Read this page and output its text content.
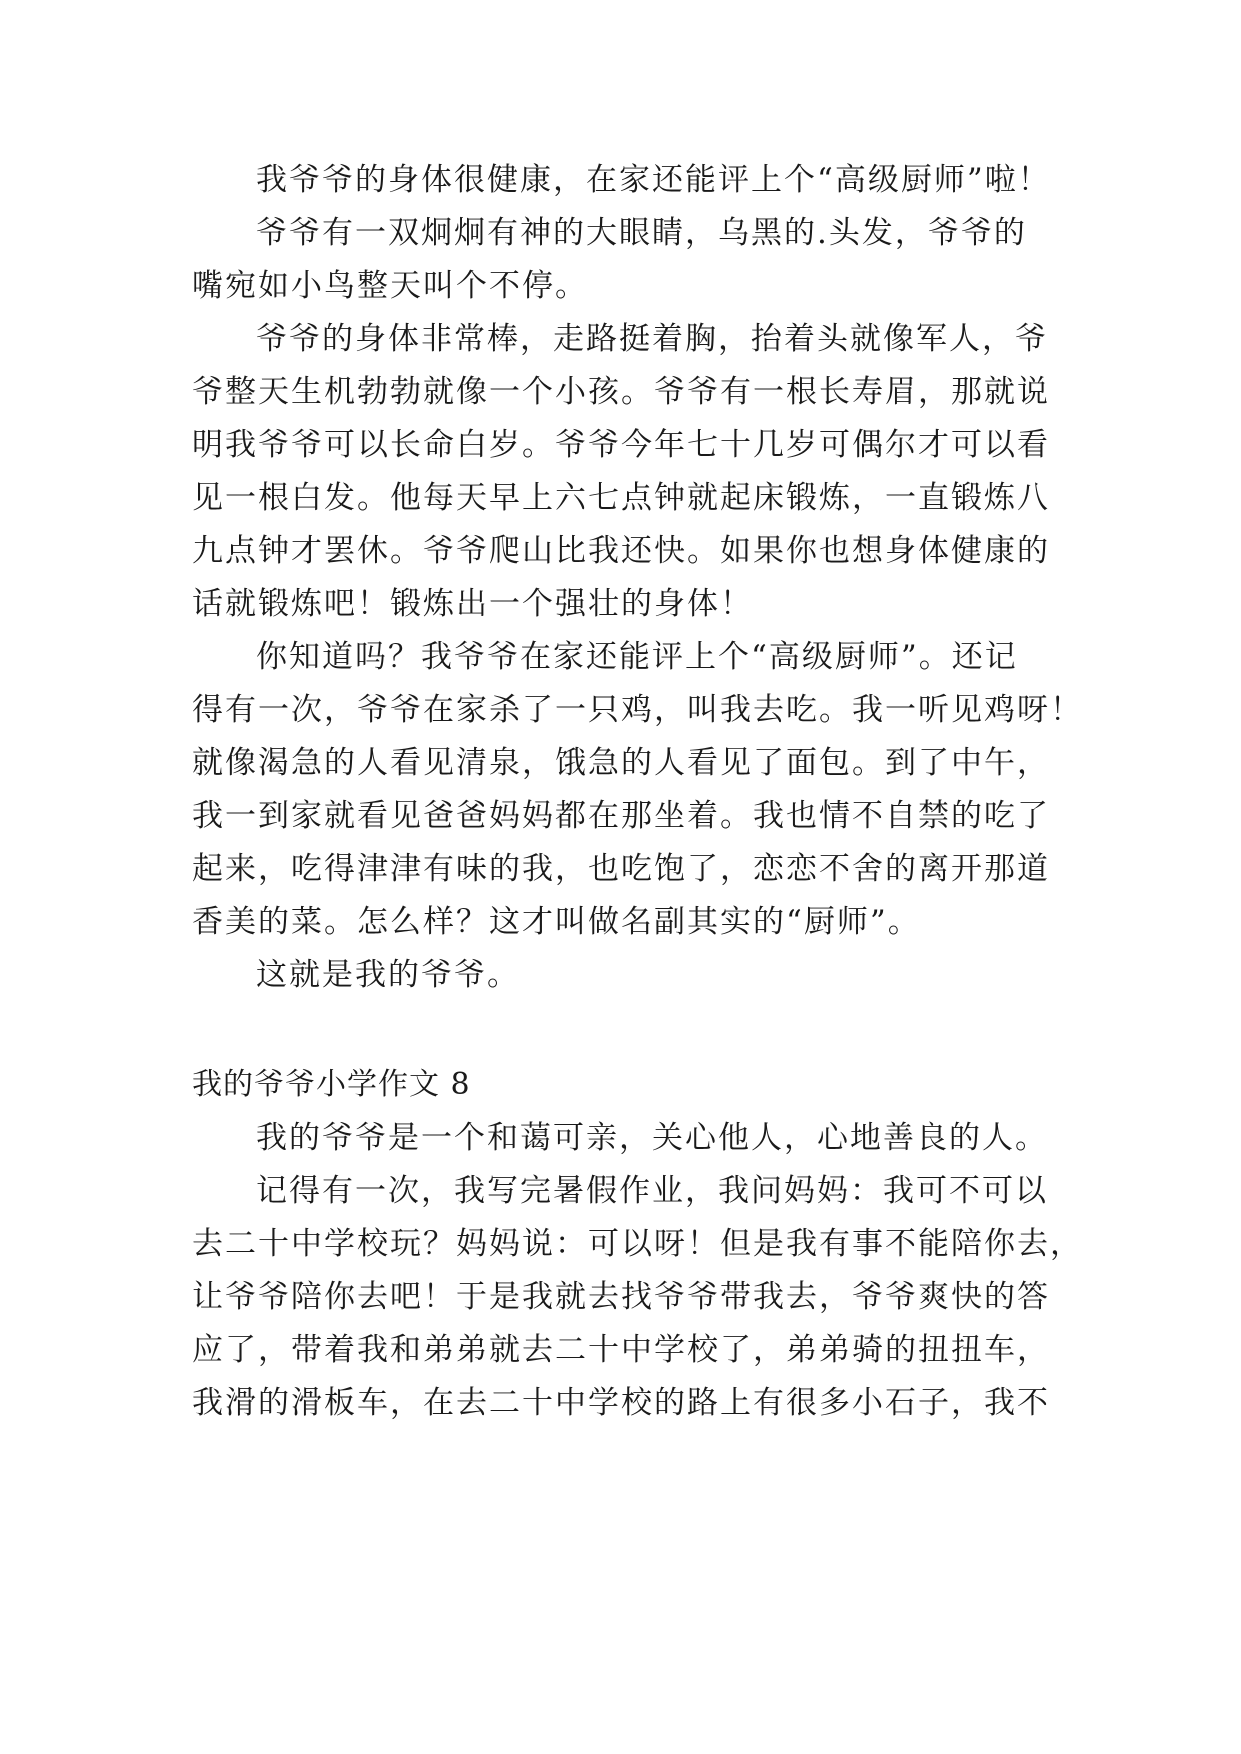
我爷爷的身体很健康，在家还能评上个“高级厨师”啦！
爷爷有一双炯炯有神的大眼睛，乌黑的.头发，爷爷的
嘴宛如小鸟整天叫个不停。
爷爷的身体非常棒，走路挺着胸，抬着头就像军人，爷
爷整天生机勃勃就像一个小孩。爷爷有一根长寿眉，那就说
明我爷爷可以长命白岁。爷爷今年七十几岁可偶尔才可以看
见一根白发。他每天早上六七点钟就起床锻炼，一直锻炼八
九点钟才罢休。爷爷爬山比我还快。如果你也想身体健康的
话就锻炼吧！锻炼出一个强壮的身体！
你知道吗？我爷爷在家还能评上个“高级厨师”。还记
得有一次，爷爷在家杀了一只鸡，叫我去吃。我一听见鸡呀！
就像渴急的人看见清泉，饿急的人看见了面包。到了中午，
我一到家就看见爸爸妈妈都在那坐着。我也情不自禁的吃了
起来，吃得津津有味的我，也吃饱了，恋恋不舍的离开那道
香美的菜。怎么样？这才叫做名副其实的“厨师”。
这就是我的爷爷。
我的爷爷小学作文 8
我的爷爷是一个和蔼可亲，关心他人，心地善良的人。
记得有一次，我写完暑假作业，我问妈妈：我可不可以
去二十中学校玩？妈妈说：可以呀！但是我有事不能陪你去，
让爷爷陪你去吧！于是我就去找爷爷带我去，爷爷爽快的答
应了，带着我和弟弟就去二十中学校了，弟弟骑的扭扭车，
我滑的滑板车，在去二十中学校的路上有很多小石子，我不
